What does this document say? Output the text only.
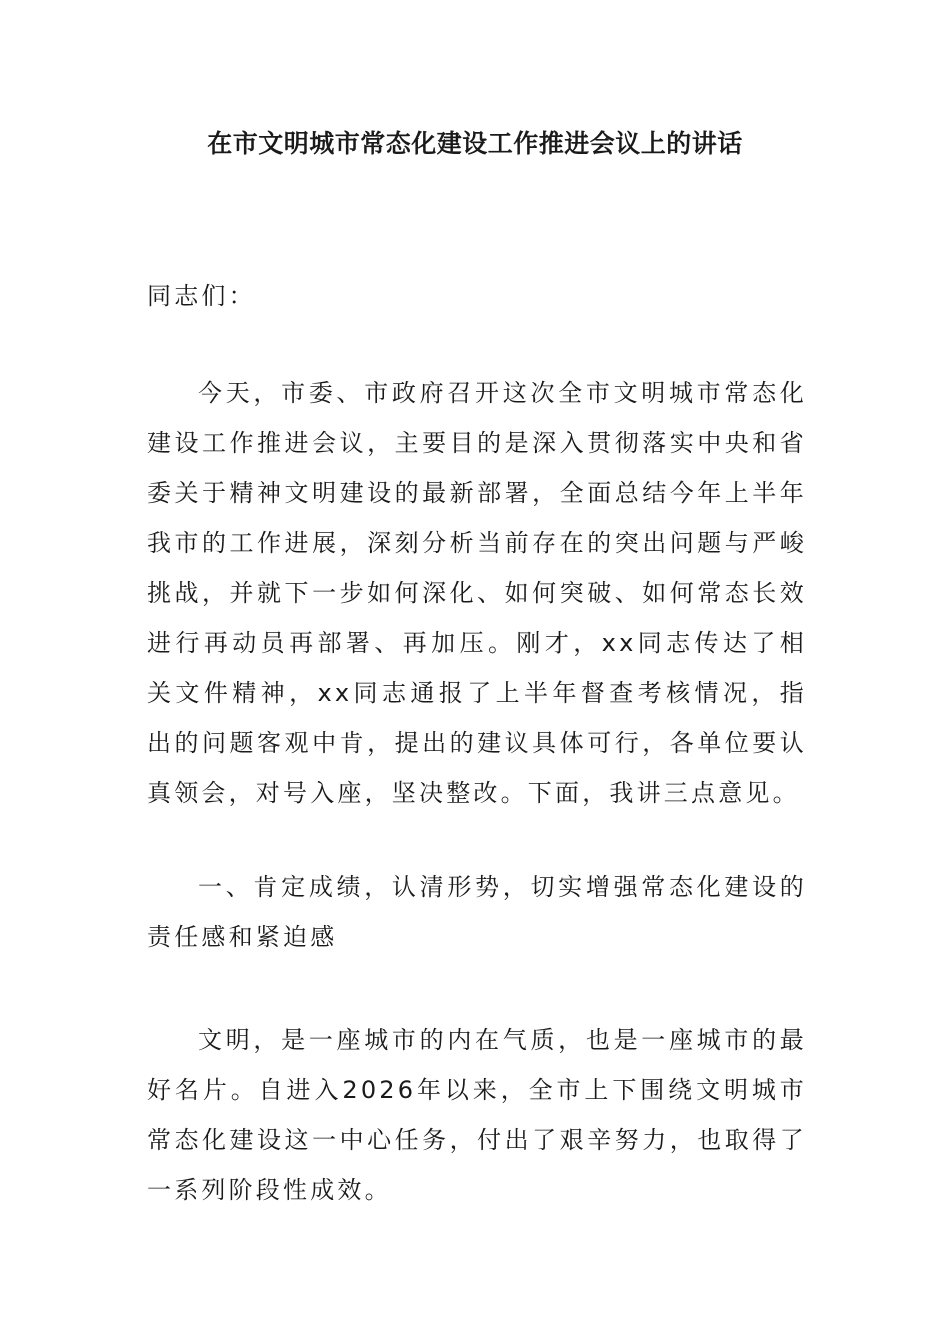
在市文明城市常态化建设工作推进会议上的讲话

同志们：

今天，市委、市政府召开这次全市文明城市常态化建设工作推进会议，主要目的是深入贯彻落实中央和省委关于精神文明建设的最新部署，全面总结今年上半年我市的工作进展，深刻分析当前存在的突出问题与严峻挑战，并就下一步如何深化、如何突破、如何常态长效进行再动员再部署、再加压。刚才，xx同志传达了相关文件精神，xx同志通报了上半年督查考核情况，指出的问题客观中肯，提出的建议具体可行，各单位要认真领会，对号入座，坚决整改。下面，我讲三点意见。

一、肯定成绩，认清形势，切实增强常态化建设的责任感和紧迫感

文明，是一座城市的内在气质，也是一座城市的最好名片。自进入2026年以来，全市上下围绕文明城市常态化建设这一中心任务，付出了艰辛努力，也取得了一系列阶段性成效。
